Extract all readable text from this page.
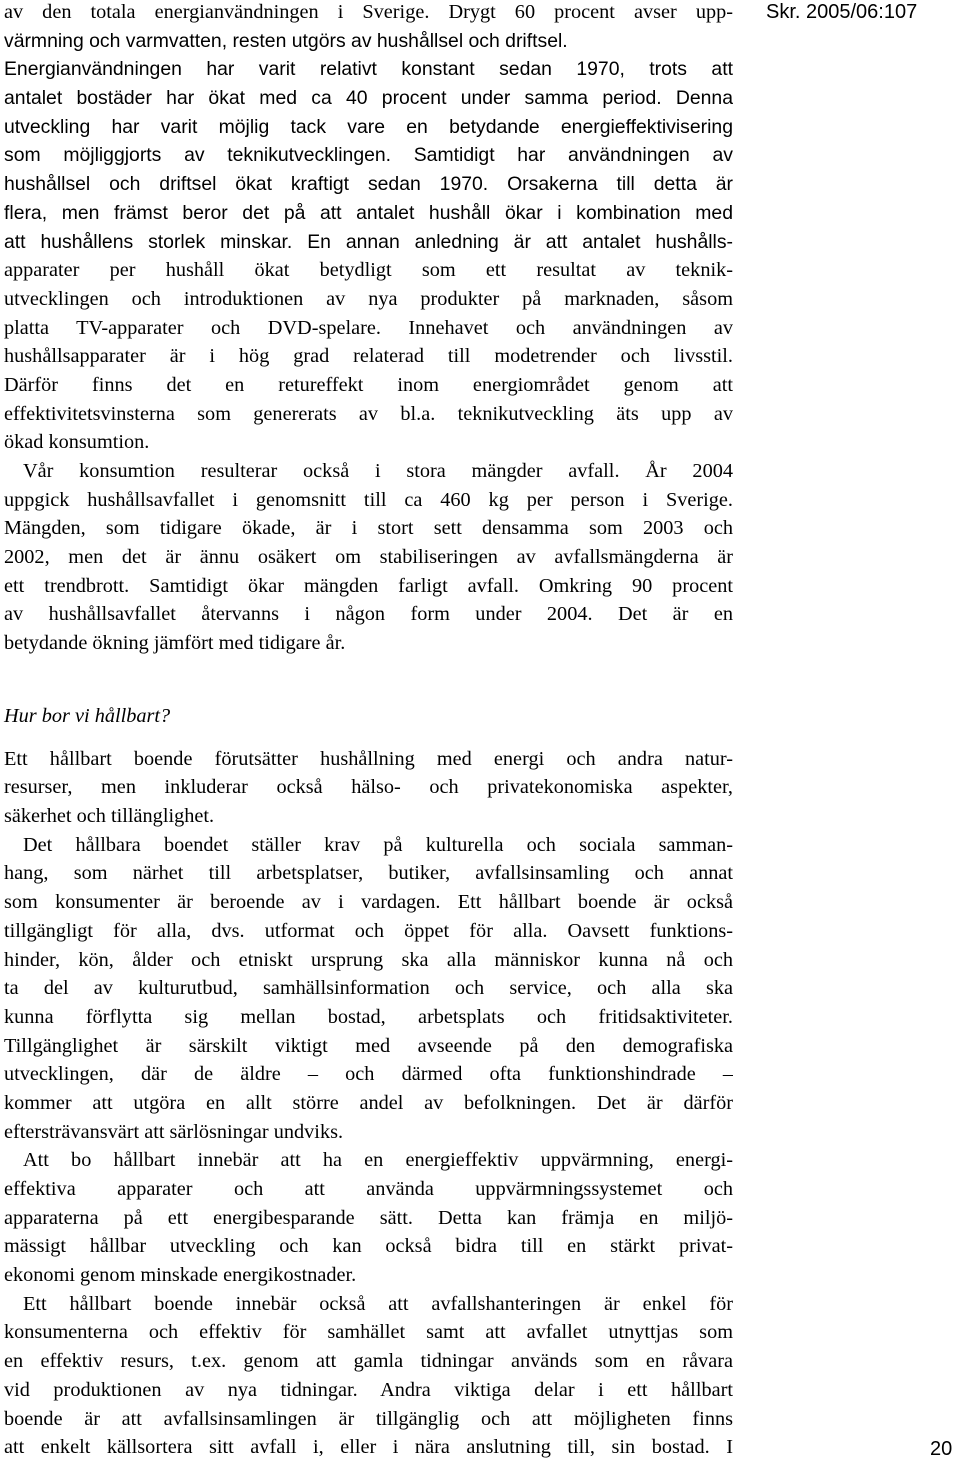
Skr. 2005/06:107
av den totala energianvändningen i Sverige. Drygt 60 procent avser upp-
värmning och varmvatten, resten utgörs av hushållsel och driftsel.
Energianvändningen har varit relativt konstant sedan 1970, trots att
antalet bostäder har ökat med ca 40 procent under samma period. Denna
utveckling har varit möjlig tack vare en betydande energieffektivisering
som möjliggjorts av teknikutvecklingen. Samtidigt har användningen av
hushållsel och driftsel ökat kraftigt sedan 1970. Orsakerna till detta är
flera, men främst beror det på att antalet hushåll ökar i kombination med
att hushållens storlek minskar. En annan anledning är att antalet hushålls-
apparater per hushåll ökat betydligt som ett resultat av teknik-
utvecklingen och introduktionen av nya produkter på marknaden, såsom
platta TV-apparater och DVD-spelare. Innehavet och användningen av
hushållsapparater är i hög grad relaterad till modetrender och livsstil.
Därför finns det en retureffekt inom energiområdet genom att
effektivitetsvinsterna som genererats av bl.a. teknikutveckling äts upp av
ökad konsumtion.
Vår konsumtion resulterar också i stora mängder avfall. År 2004
uppgick hushållsavfallet i genomsnitt till ca 460 kg per person i Sverige.
Mängden, som tidigare ökade, är i stort sett densamma som 2003 och
2002, men det är ännu osäkert om stabiliseringen av avfallsmängderna är
ett trendbrott. Samtidigt ökar mängden farligt avfall. Omkring 90 procent
av hushållsavfallet återvanns i någon form under 2004. Det är en
betydande ökning jämfört med tidigare år.
Hur bor vi hållbart?
Ett hållbart boende förutsätter hushållning med energi och andra natur-
resurser, men inkluderar också hälso- och privatekonomiska aspekter,
säkerhet och tillänglighet.
Det hållbara boendet ställer krav på kulturella och sociala samman-
hang, som närhet till arbetsplatser, butiker, avfallsinsamling och annat
som konsumenter är beroende av i vardagen. Ett hållbart boende är också
tillgängligt för alla, dvs. utformat och öppet för alla. Oavsett funktions-
hinder, kön, ålder och etniskt ursprung ska alla människor kunna nå och
ta del av kulturutbud, samhällsinformation och service, och alla ska
kunna förflytta sig mellan bostad, arbetsplats och fritidsaktiviteter.
Tillgänglighet är särskilt viktigt med avseende på den demografiska
utvecklingen, där de äldre – och därmed ofta funktionshindrade –
kommer att utgöra en allt större andel av befolkningen. Det är därför
eftersträvansvärt att särlösningar undviks.
Att bo hållbart innebär att ha en energieffektiv uppvärmning, energi-
effektiva apparater och att använda uppvärmningssystemet och
apparaterna på ett energibesparande sätt. Detta kan främja en miljö-
mässigt hållbar utveckling och kan också bidra till en stärkt privat-
ekonomi genom minskade energikostnader.
Ett hållbart boende innebär också att avfallshanteringen är enkel för
konsumenterna och effektiv för samhället samt att avfallet utnyttjas som
en effektiv resurs, t.ex. genom att gamla tidningar används som en råvara
vid produktionen av nya tidningar. Andra viktiga delar i ett hållbart
boende är att avfallsinsamlingen är tillgänglig och att möjligheten finns
att enkelt källsortera sitt avfall i, eller i nära anslutning till, sin bostad. I	20
